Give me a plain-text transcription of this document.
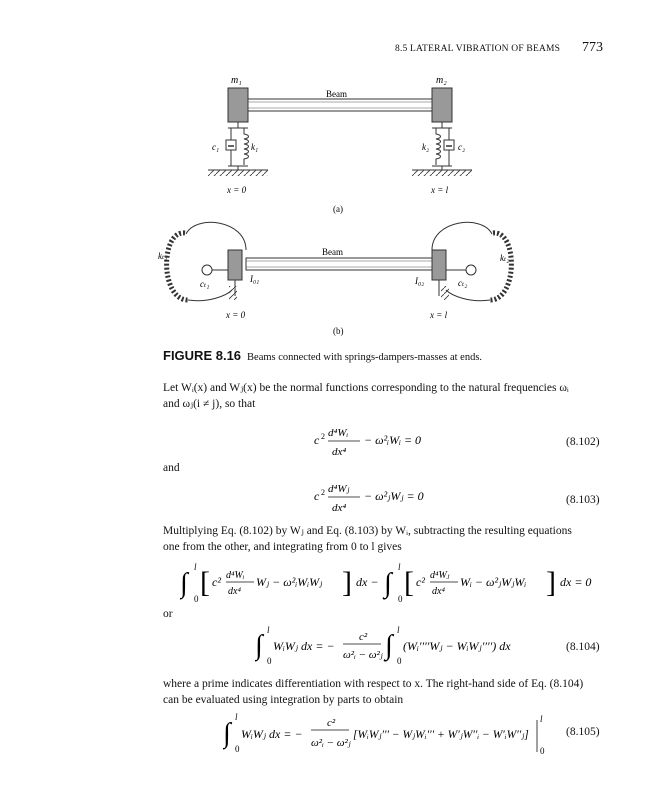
8.5 LATERAL VIBRATION OF BEAMS 773
m₁	m₂
Beam
c₁	k₁	k₂	c₂
x = 0	x = l
(a)
kₜ₁
I₀₁
cₜ₁
Beam
I₀₂
kₜ₂
cₜ₂
x = 0	x = l
(b)
FIGURE 8.16 Beams connected with springs-dampers-masses at ends.
Let Wᵢ(x) and Wⱼ(x) be the normal functions corresponding to the natural frequencies ωᵢ
and ωⱼ(i ≠ j), so that
c 2 d⁴Wᵢ
dx⁴
− ω²ᵢWᵢ = 0	(8.102)
and
c 2 d⁴Wⱼ
dx⁴
− ω²ⱼWⱼ = 0	(8.103)
Multiplying Eq. (8.102) by Wⱼ and Eq. (8.103) by Wᵢ, subtracting the resulting equations
one from the other, and integrating from 0 to l gives
∫
l
0 [ c² d⁴Wᵢ
dx⁴
Wⱼ − ω²ᵢWᵢWⱼ ] dx − ∫
l
0 [ c² d⁴Wⱼ
dx⁴
Wᵢ − ω²ⱼWⱼWᵢ ] dx = 0
or
∫ l
0
WᵢWⱼ dx = −
c²
ω²ᵢ − ω²ⱼ ∫ l
0
(Wᵢ′′′′Wⱼ − WᵢWⱼ′′′′) dx	(8.104)
where a prime indicates differentiation with respect to x. The right-hand side of Eq. (8.104)
can be evaluated using integration by parts to obtain
∫
l
0
WᵢWⱼ dx = −
c²
ω²ᵢ − ω²ⱼ
[WᵢWⱼ′′′ − WⱼWᵢ′′′ + W′ⱼW′′ᵢ − W′ᵢW′′ⱼ]
l
0
(8.105)
